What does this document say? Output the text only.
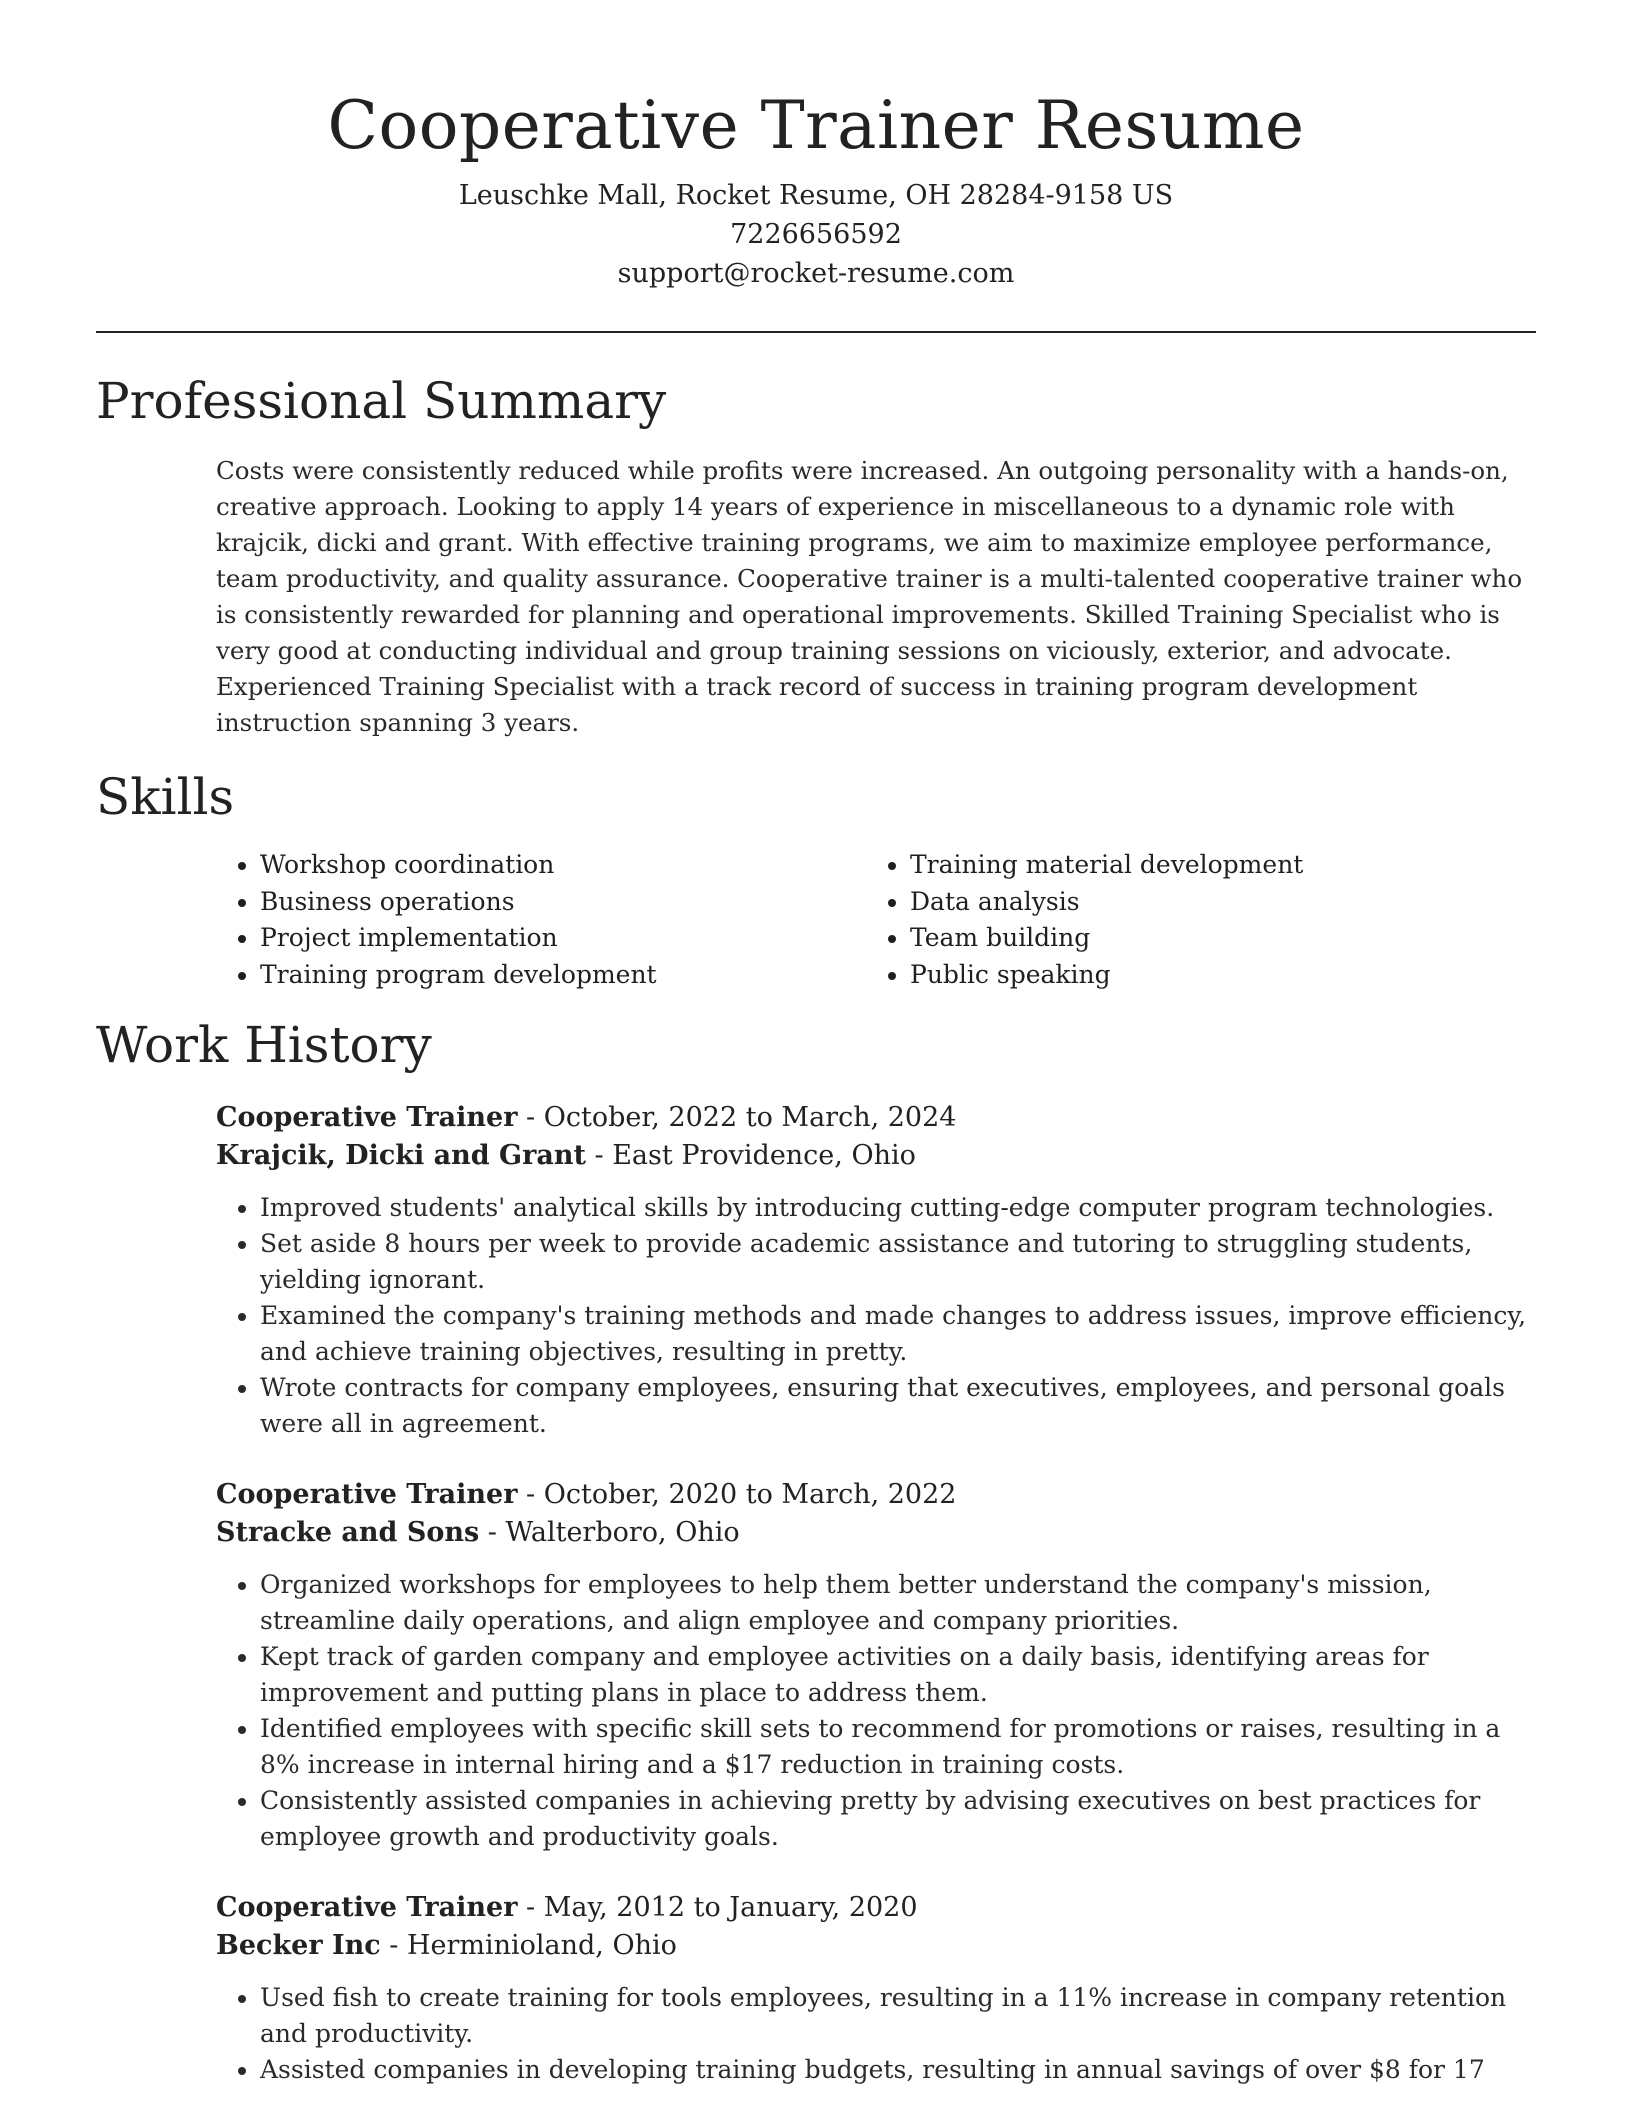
Cooperative Trainer Resume
Leuschke Mall, Rocket Resume, OH 28284-9158 US
7226656592
support@rocket-resume.com
Professional Summary

Costs were consistently reduced while profits were increased. An outgoing personality with a hands-on, creative approach. Looking to apply 14 years of experience in miscellaneous to a dynamic role with krajcik, dicki and grant. With effective training programs, we aim to maximize employee performance, team productivity, and quality assurance. Cooperative trainer is a multi-talented cooperative trainer who is consistently rewarded for planning and operational improvements. Skilled Training Specialist who is very good at conducting individual and group training sessions on viciously, exterior, and advocate. Experienced Training Specialist with a track record of success in training program development instruction spanning 3 years.

Skills
• Workshop coordination
• Business operations
• Project implementation
• Training program development
• Training material development
• Data analysis
• Team building
• Public speaking
Work History
Cooperative Trainer - October, 2022 to March, 2024
Krajcik, Dicki and Grant - East Providence, Ohio
• Improved students' analytical skills by introducing cutting-edge computer program technologies.
• Set aside 8 hours per week to provide academic assistance and tutoring to struggling students, yielding ignorant.
• Examined the company's training methods and made changes to address issues, improve efficiency, and achieve training objectives, resulting in pretty.
• Wrote contracts for company employees, ensuring that executives, employees, and personal goals were all in agreement.
Cooperative Trainer - October, 2020 to March, 2022
Stracke and Sons - Walterboro, Ohio
• Organized workshops for employees to help them better understand the company's mission, streamline daily operations, and align employee and company priorities.
• Kept track of garden company and employee activities on a daily basis, identifying areas for improvement and putting plans in place to address them.
• Identified employees with specific skill sets to recommend for promotions or raises, resulting in a 8% increase in internal hiring and a $17 reduction in training costs.
• Consistently assisted companies in achieving pretty by advising executives on best practices for employee growth and productivity goals.
Cooperative Trainer - May, 2012 to January, 2020
Becker Inc - Herminioland, Ohio
• Used fish to create training for tools employees, resulting in a 11% increase in company retention and productivity.
• Assisted companies in developing training budgets, resulting in annual savings of over $8 for 17
